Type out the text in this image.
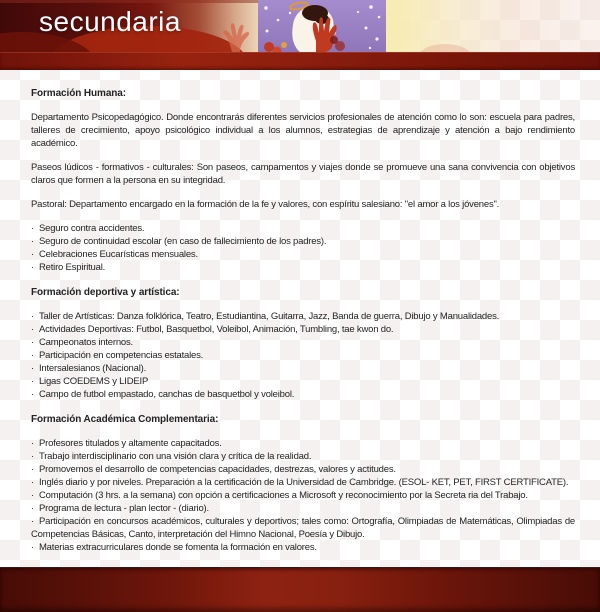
secundaria
Formación Humana:

Departamento Psicopedagógico. Donde encontrarás diferentes servicios profesionales de atención como lo son: escuela para padres, talleres de crecimiento, apoyo psicológico individual a los alumnos, estrategias de aprendizaje y atención a bajo rendimiento académico.

Paseos lúdicos - formativos - culturales: Son paseos, campamentos y viajes donde se promueve una sana convivencia con objetivos claros que formen a la persona en su integridad.

Pastoral: Departamento encargado en la formación de la fe y valores, con espíritu salesiano: "el amor a los jóvenes".

· Seguro contra accidentes.
· Seguro de continuidad escolar (en caso de fallecimiento de los padres).
· Celebraciones Eucarísticas mensuales.
· Retiro Espiritual.
Formación deportiva y artística:
· Taller de Artísticas: Danza folklórica, Teatro, Estudiantina, Guitarra, Jazz, Banda de guerra, Dibujo y Manualidades.
· Actividades Deportivas: Futbol, Basquetbol, Voleibol, Animación, Tumbling, tae kwon do.
· Campeonatos internos.
· Participación en competencias estatales.
· Intersalesianos (Nacional).
· Ligas COEDEMS y LIDEIP
· Campo de futbol empastado, canchas de basquetbol y voleibol.
Formación Académica Complementaria:
· Profesores titulados y altamente capacitados.
· Trabajo interdisciplinario con una visión clara y crítica de la realidad.
· Promovemos el desarrollo de competencias capacidades, destrezas, valores y actitudes.
· Inglés diario y por niveles. Preparación a la certificación de la Universidad de Cambridge. (ESOL- KET, PET, FIRST CERTIFICATE).
· Computación (3 hrs. a la semana) con opción a certificaciones a Microsoft y reconocimiento por la Secreta ria del Trabajo.
· Programa de lectura - plan lector - (diario).
· Participación en concursos académicos, culturales y deportivos; tales como: Ortografía, Olimpiadas de Matemáticas, Olimpiadas de Competencias Básicas, Canto, interpretación del Himno Nacional, Poesía y Dibujo.
· Materias extracurriculares donde se fomenta la formación en valores.
